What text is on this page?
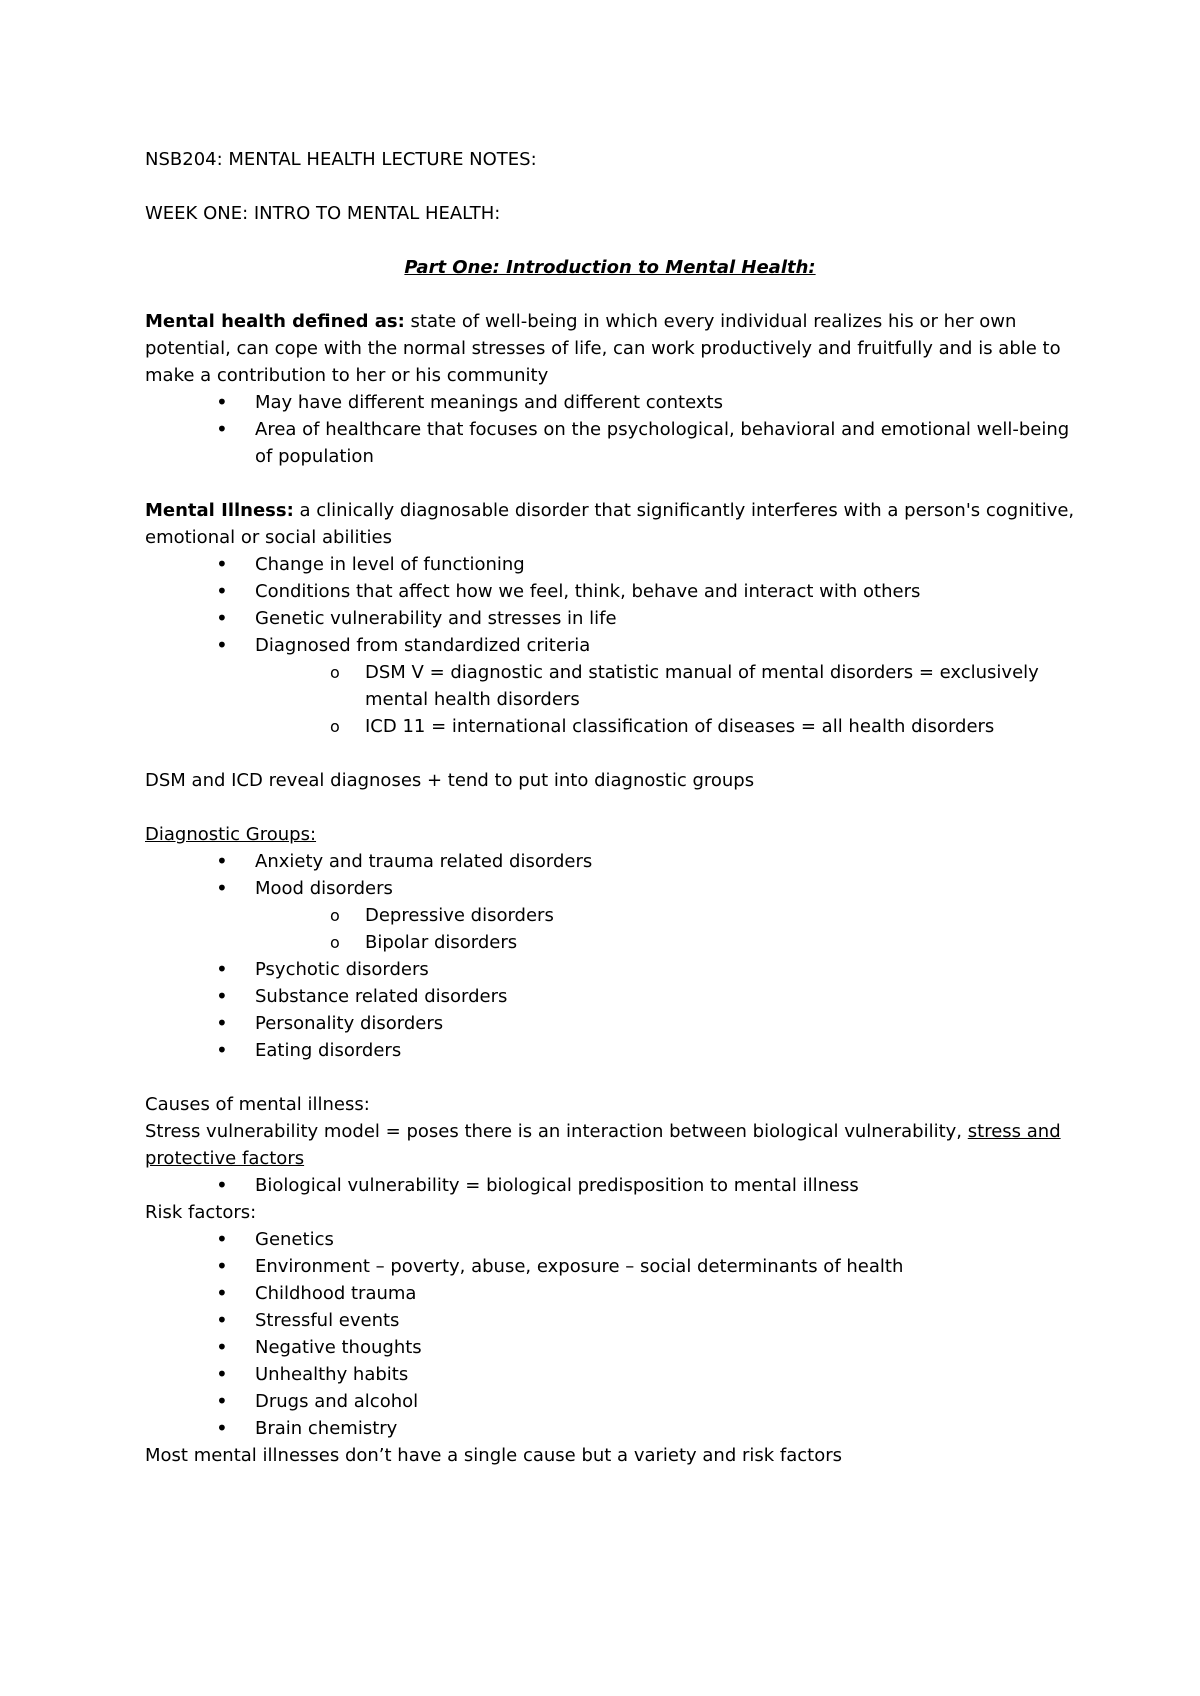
NSB204: MENTAL HEALTH LECTURE NOTES:

WEEK ONE: INTRO TO MENTAL HEALTH:

Part One: Introduction to Mental Health:

Mental health defined as: state of well-being in which every individual realizes his or her own potential, can cope with the normal stresses of life, can work productively and fruitfully and is able to make a contribution to her or his community

• May have different meanings and different contexts
• Area of healthcare that focuses on the psychological, behavioral and emotional well-being of population

Mental Illness: a clinically diagnosable disorder that significantly interferes with a person's cognitive, emotional or social abilities

• Change in level of functioning
• Conditions that affect how we feel, think, behave and interact with others
• Genetic vulnerability and stresses in life
• Diagnosed from standardized criteria
o DSM V = diagnostic and statistic manual of mental disorders = exclusively mental health disorders
o ICD 11 = international classification of diseases = all health disorders

DSM and ICD reveal diagnoses + tend to put into diagnostic groups

Diagnostic Groups:

• Anxiety and trauma related disorders
• Mood disorders
o Depressive disorders
o Bipolar disorders
• Psychotic disorders
• Substance related disorders
• Personality disorders
• Eating disorders

Causes of mental illness:

Stress vulnerability model = poses there is an interaction between biological vulnerability, stress and protective factors

• Biological vulnerability = biological predisposition to mental illness

Risk factors:

• Genetics
• Environment – poverty, abuse, exposure – social determinants of health
• Childhood trauma
• Stressful events
• Negative thoughts
• Unhealthy habits
• Drugs and alcohol
• Brain chemistry

Most mental illnesses don’t have a single cause but a variety and risk factors
